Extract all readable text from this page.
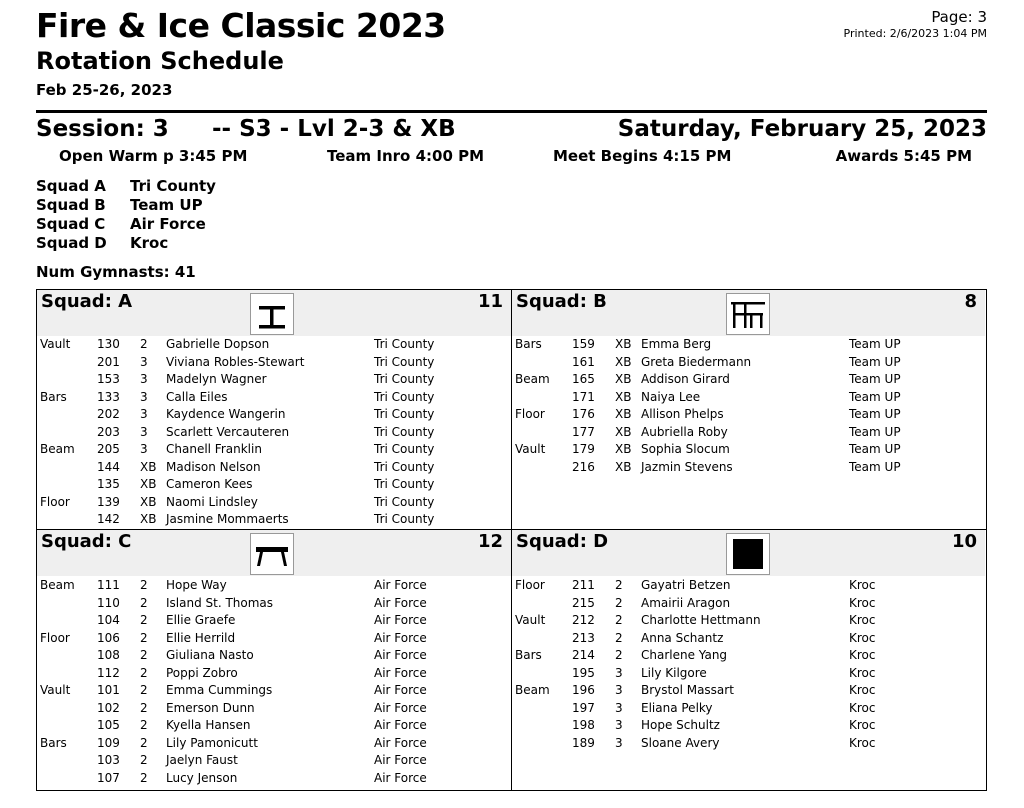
Fire & Ice Classic 2023
Rotation Schedule
Feb 25-26, 2023
Page: 3
Printed: 2/6/2023 1:04 PM
Session: 3 -- S3 - Lvl 2-3 & XB	Saturday, February 25, 2023
Open Warm p 3:45 PM	Team Inro 4:00 PM	Meet Begins 4:15 PM	Awards 5:45 PM
Squad A Tri County
Squad B Team UP
Squad C Air Force
Squad D Kroc
Num Gymnasts: 41
Squad: A	11 Squad: B	8
Squad: C	12 Squad: D	10
Vault 130 2 Gabrielle Dopson	Tri County
201 3 Viviana Robles-Stewart	Tri County
153 3 Madelyn Wagner	Tri County
Bars	133 3 Calla Eiles	Tri County
202 3 Kaydence Wangerin	Tri County
203 3 Scarlett Vercauteren	Tri County
Beam 205 3 Chanell Franklin	Tri County
144 XB Madison Nelson	Tri County
135 XB Cameron Kees	Tri County
Floor 139 XB Naomi Lindsley	Tri County
142 XB Jasmine Mommaerts	Tri County
Bars	159 XB Emma Berg	Team UP
161 XB Greta Biedermann	Team UP
Beam 165 XB Addison Girard	Team UP
171 XB Naiya Lee	Team UP
Floor 176 XB Allison Phelps	Team UP
177 XB Aubriella Roby	Team UP
Vault 179 XB Sophia Slocum	Team UP
216 XB Jazmin Stevens	Team UP
Beam 111 2 Hope Way	Air Force
110 2 Island St. Thomas	Air Force
104 2 Ellie Graefe	Air Force
Floor 106 2 Ellie Herrild	Air Force
108 2 Giuliana Nasto	Air Force
112 2 Poppi Zobro	Air Force
Vault 101 2 Emma Cummings	Air Force
102 2 Emerson Dunn	Air Force
105 2 Kyella Hansen	Air Force
Bars	109 2 Lily Pamonicutt	Air Force
103 2 Jaelyn Faust	Air Force
107 2 Lucy Jenson	Air Force
Floor 211 2 Gayatri Betzen	Kroc
215 2 Amairii Aragon	Kroc
Vault 212 2 Charlotte Hettmann	Kroc
213 2 Anna Schantz	Kroc
Bars	214 2 Charlene Yang	Kroc
195 3 Lily Kilgore	Kroc
Beam 196 3 Brystol Massart	Kroc
197 3 Eliana Pelky	Kroc
198 3 Hope Schultz	Kroc
189 3 Sloane Avery	Kroc
